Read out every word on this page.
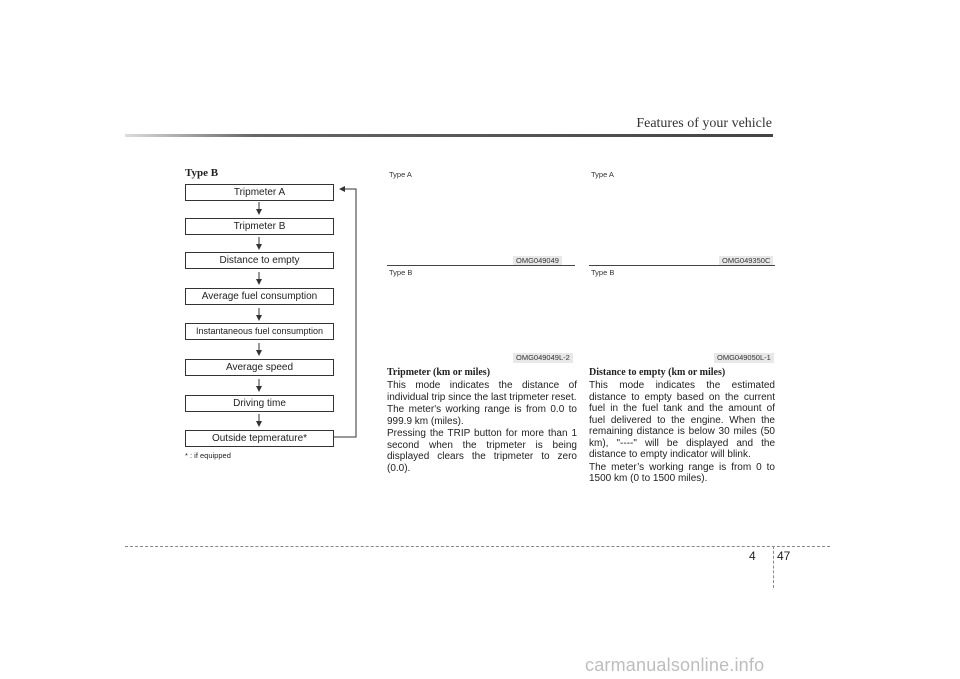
Features of your vehicle
Type B
Tripmeter A
Tripmeter B
Distance to empty
Average fuel consumption
Instantaneous fuel consumption
Average speed
Driving time
Outside tepmerature*
* : if equipped
Type A
OMG049049
Type B
OMG049049L-2
Tripmeter (km or miles)

This mode indicates the distance of individual trip since the last tripmeter reset.

The meter's working range is from 0.0 to 999.9 km (miles).

Pressing the TRIP button for more than 1 second when the tripmeter is being displayed clears the tripmeter to zero (0.0).

Type A
OMG049350C
Type B
OMG049050L-1
Distance to empty (km or miles)

This mode indicates the estimated distance to empty based on the current fuel in the fuel tank and the amount of fuel delivered to the engine. When the remaining distance is below 30 miles (50 km), "----" will be displayed and the distance to empty indicator will blink.

The meter’s working range is from 0 to 1500 km (0 to 1500 miles).

4 47
carmanualsonline.info
